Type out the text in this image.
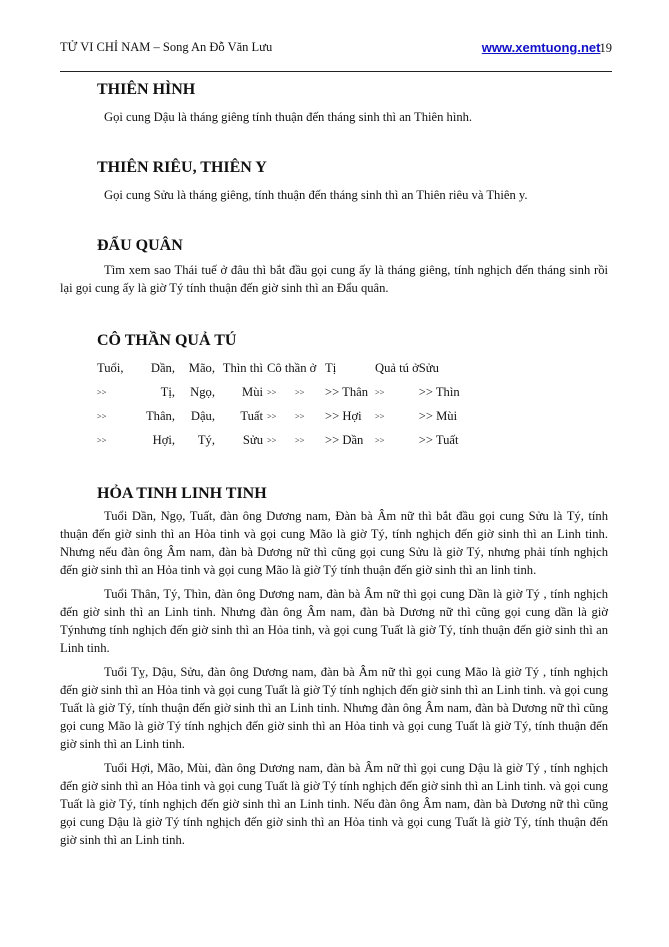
TỬ VI CHỈ NAM – Song An Đỗ Văn Lưu	www.xemtuong.net19
THIÊN HÌNH

Gọi cung Dậu là tháng giêng tính thuận đến tháng sinh thì an Thiên hình.

THIÊN RIÊU, THIÊN Y

Gọi cung Sửu là tháng giêng, tính thuận đến tháng sinh thì an Thiên riêu và Thiên y.

ĐẨU QUÂN

Tìm xem sao Thái tuế ở đâu thì bắt đầu gọi cung ấy là tháng giêng, tính nghịch đến tháng sinh rồi lại gọi cung ấy là giờ Tý tính thuận đến giờ sinh thì an Đẩu quân.

CÔ THẦN QUẢ TÚ
Tuổi,	Dần,	Mão,	Thìn thì	Cô thần ở		Tị	Quả tú ở	Sửu
>>	Tị,	Ngọ,	Mùi	>>	>>	>> Thân	>>	>> Thìn
>>	Thân,	Dậu,	Tuất	>>	>>	>> Hợi	>>	>> Mùi
>>	Hợi,	Tý,	Sửu	>>	>>	>> Dần	>>	>> Tuất
HỎA TINH LINH TINH

Tuổi Dần, Ngọ, Tuất, đàn ông Dương nam, Đàn bà Âm nữ thì bắt đầu gọi cung Sửu là Tý, tính thuận đến giờ sinh thì an Hỏa tinh và gọi cung Mão là giờ Tý, tính nghịch đến giờ sinh thì an Linh tinh. Nhưng nếu đàn ông Âm nam, đàn bà Dương nữ thì cũng gọi cung Sửu là giờ Tý, nhưng phải tính nghịch đến giờ sinh thì an Hỏa tinh và gọi cung Mão là giờ Tý tính thuận đến giờ sinh thì an linh tinh.

Tuổi Thân, Tý, Thìn, đàn ông Dương nam, đàn bà Âm nữ thì gọi cung Dần là giờ Tý , tính nghịch đến giờ sinh thì an Linh tinh. Nhưng đàn ông Âm nam, đàn bà Dương nữ thì cũng gọi cung dần là giờ Týnhưng tính nghịch đến giờ sinh thì an Hỏa tinh, và gọi cung Tuất là giờ Tý, tính thuận đến giờ sinh thì an Linh tinh.

Tuổi Tỵ, Dậu, Sửu, đàn ông Dương nam, đàn bà Âm nữ thì gọi cung Mão là giờ Tý , tính nghịch đến giờ sinh thì an Hỏa tinh và gọi cung Tuất là giờ Tý tính nghịch đến giờ sinh thì an Linh tinh. và gọi cung Tuất là giờ Tý, tính thuận đến giờ sinh thì an Linh tinh. Nhưng đàn ông Âm nam, đàn bà Dương nữ thì cũng gọi cung Mão là giờ Tý tính nghịch đến giờ sinh thì an Hỏa tinh và gọi cung Tuất là giờ Tý, tính thuận đến giờ sinh thì an Linh tinh.

Tuổi Hợi, Mão, Mùi, đàn ông Dương nam, đàn bà Âm nữ thì gọi cung Dậu là giờ Tý , tính nghịch đến giờ sinh thì an Hỏa tinh và gọi cung Tuất là giờ Tý tính nghịch đến giờ sinh thì an Linh tinh. và gọi cung Tuất là giờ Tý, tính nghịch đến giờ sinh thì an Linh tinh. Nếu đàn ông Âm nam, đàn bà Dương nữ thì cũng gọi cung Dậu là giờ Tý tính nghịch đến giờ sinh thì an Hỏa tinh và gọi cung Tuất là giờ Tý, tính thuận đến giờ sinh thì an Linh tinh.
